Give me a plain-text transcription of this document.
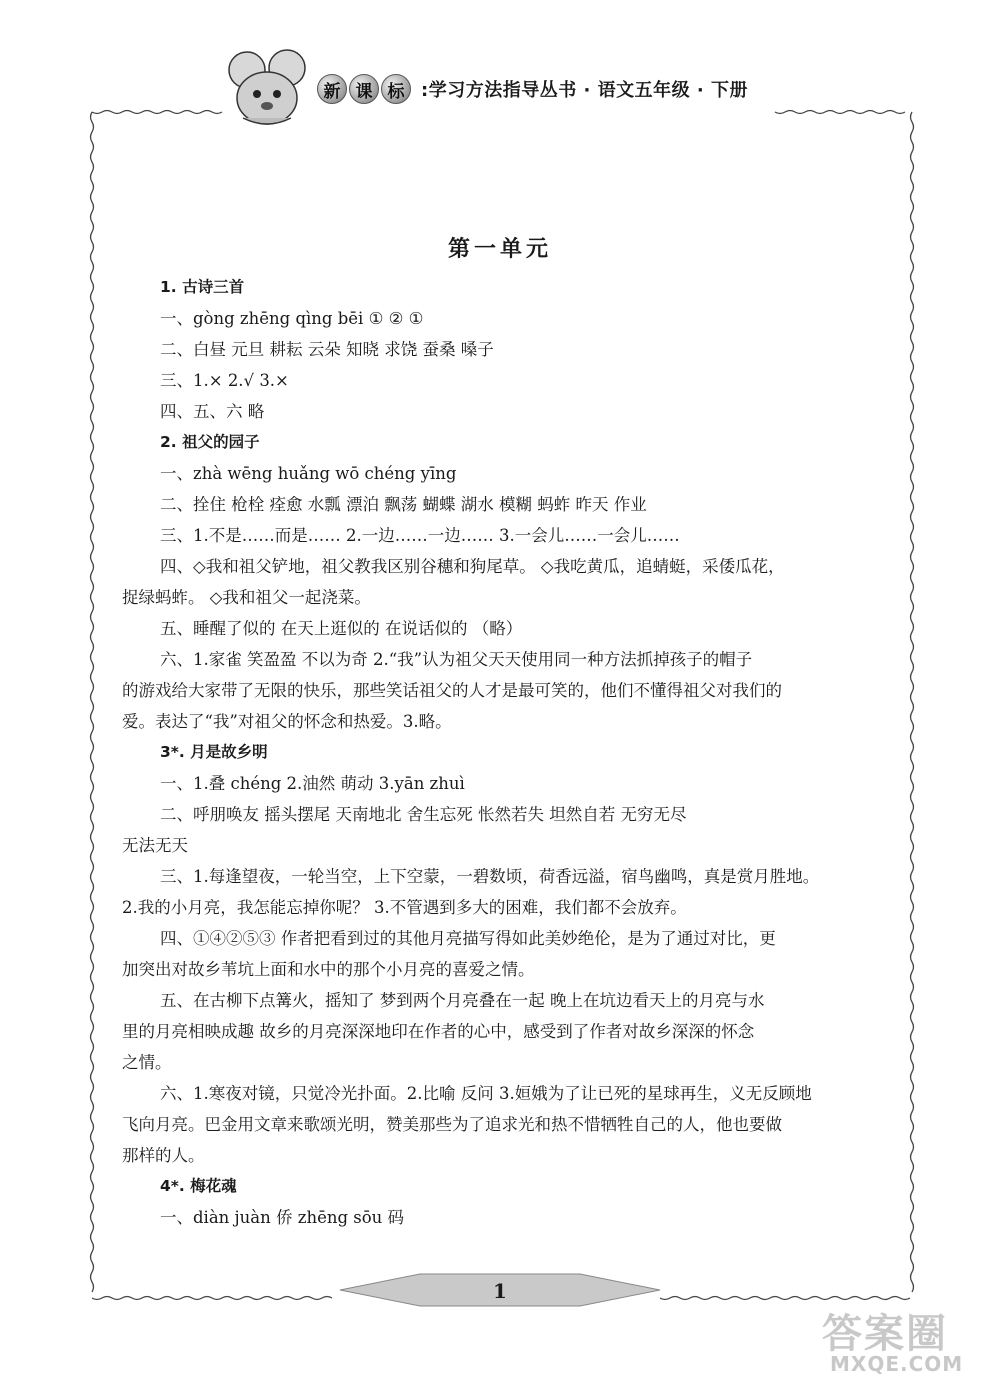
新 课 标 :学习方法指导丛书 · 语文五年级 · 下册
第一单元
1. 古诗三首
一、gòng zhēng qìng bēi ① ② ①
二、白昼 元旦 耕耘 云朵 知晓 求饶 蚕桑 嗓子
三、1.× 2.√ 3.×
四、五、六 略
2. 祖父的园子
一、zhà wēng huǎng wō chéng yīng
二、拴住 枪栓 痊愈 水瓢 漂泊 飘荡 蝴蝶 湖水 模糊 蚂蚱 昨天 作业
三、1.不是……而是…… 2.一边……一边…… 3.一会儿……一会儿……
四、◇我和祖父铲地，祖父教我区别谷穗和狗尾草。 ◇我吃黄瓜，追蜻蜓，采倭瓜花，
捉绿蚂蚱。 ◇我和祖父一起浇菜。
五、睡醒了似的 在天上逛似的 在说话似的 （略）
六、1.家雀 笑盈盈 不以为奇 2.“我”认为祖父天天使用同一种方法抓掉孩子的帽子
的游戏给大家带了无限的快乐，那些笑话祖父的人才是最可笑的，他们不懂得祖父对我们的
爱。表达了“我”对祖父的怀念和热爱。3.略。
3*. 月是故乡明
一、1.叠 chéng 2.油然 萌动 3.yān zhuì
二、呼朋唤友 摇头摆尾 天南地北 舍生忘死 怅然若失 坦然自若 无穷无尽
无法无天
三、1.每逢望夜，一轮当空，上下空蒙，一碧数顷，荷香远溢，宿鸟幽鸣，真是赏月胜地。
2.我的小月亮，我怎能忘掉你呢？ 3.不管遇到多大的困难，我们都不会放弃。
四、①④②⑤③ 作者把看到过的其他月亮描写得如此美妙绝伦，是为了通过对比，更
加突出对故乡苇坑上面和水中的那个小月亮的喜爱之情。
五、在古柳下点篝火，摇知了 梦到两个月亮叠在一起 晚上在坑边看天上的月亮与水
里的月亮相映成趣 故乡的月亮深深地印在作者的心中，感受到了作者对故乡深深的怀念
之情。
六、1.寒夜对镜，只觉冷光扑面。2.比喻 反问 3.姮娥为了让已死的星球再生，义无反顾地
飞向月亮。巴金用文章来歌颂光明，赞美那些为了追求光和热不惜牺牲自己的人，他也要做
那样的人。
4*. 梅花魂
一、diàn juàn 侨 zhēng sōu 码
1
答案圈
MXQE.COM
